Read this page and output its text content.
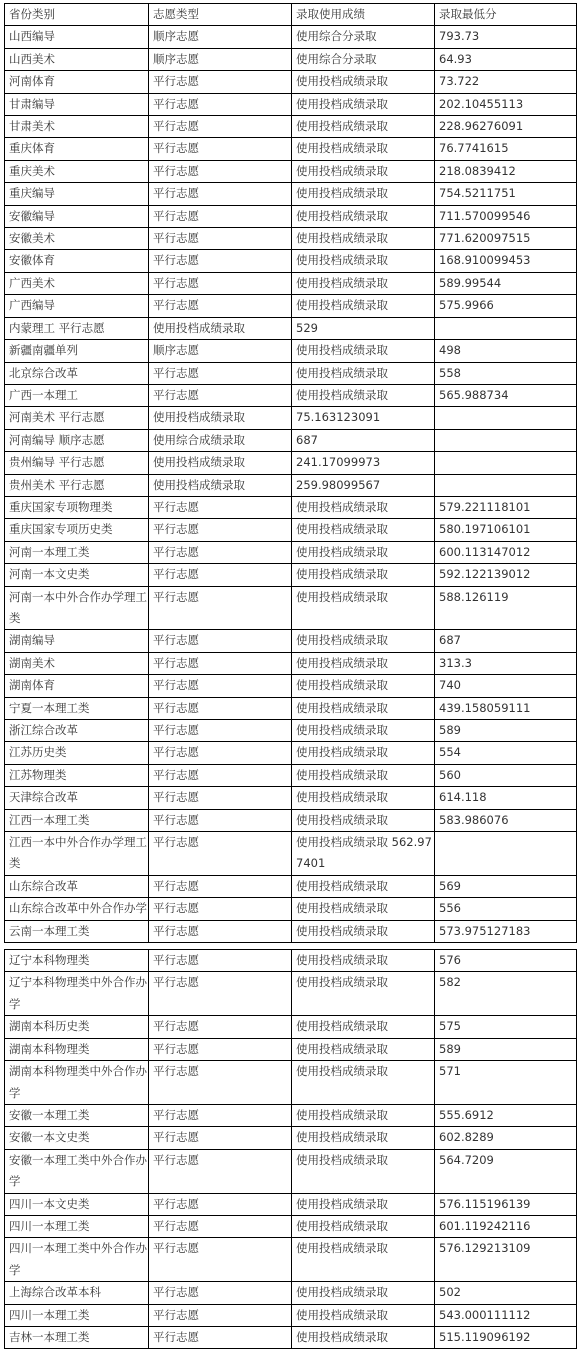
省份类别	志愿类型	录取使用成绩	录取最低分
山西编导	顺序志愿	使用综合分录取	793.73
山西美术	顺序志愿	使用综合分录取	64.93
河南体育	平行志愿	使用投档成绩录取	73.722
甘肃编导	平行志愿	使用投档成绩录取	202.10455113
甘肃美术	平行志愿	使用投档成绩录取	228.96276091
重庆体育	平行志愿	使用投档成绩录取	76.7741615
重庆美术	平行志愿	使用投档成绩录取	218.0839412
重庆编导	平行志愿	使用投档成绩录取	754.5211751
安徽编导	平行志愿	使用投档成绩录取	711.570099546
安徽美术	平行志愿	使用投档成绩录取	771.620097515
安徽体育	平行志愿	使用投档成绩录取	168.910099453
广西美术	平行志愿	使用投档成绩录取	589.99544
广西编导	平行志愿	使用投档成绩录取	575.9966
内蒙理工 平行志愿	使用投档成绩录取	529	
新疆南疆单列	顺序志愿	使用投档成绩录取	498
北京综合改革	平行志愿	使用投档成绩录取	558
广西一本理工	平行志愿	使用投档成绩录取	565.988734
河南美术 平行志愿	使用投档成绩录取	75.163123091	
河南编导 顺序志愿	使用综合成绩录取	687	
贵州编导 平行志愿	使用投档成绩录取	241.17099973	
贵州美术 平行志愿	使用投档成绩录取	259.98099567	
重庆国家专项物理类	平行志愿	使用投档成绩录取	579.221118101
重庆国家专项历史类	平行志愿	使用投档成绩录取	580.197106101
河南一本理工类	平行志愿	使用投档成绩录取	600.113147012
河南一本文史类	平行志愿	使用投档成绩录取	592.122139012
河南一本中外合作办学理工类	平行志愿	使用投档成绩录取	588.126119
湖南编导	平行志愿	使用投档成绩录取	687
湖南美术	平行志愿	使用投档成绩录取	313.3
湖南体育	平行志愿	使用投档成绩录取	740
宁夏一本理工类	平行志愿	使用投档成绩录取	439.158059111
浙江综合改革	平行志愿	使用投档成绩录取	589
江苏历史类	平行志愿	使用投档成绩录取	554
江苏物理类	平行志愿	使用投档成绩录取	560
天津综合改革	平行志愿	使用投档成绩录取	614.118
江西一本理工类	平行志愿	使用投档成绩录取	583.986076
江西一本中外合作办学理工类	平行志愿	使用投档成绩录取 562.977401	
山东综合改革	平行志愿	使用投档成绩录取	569
山东综合改革中外合作办学	平行志愿	使用投档成绩录取	556
云南一本理工类	平行志愿	使用投档成绩录取	573.975127183
辽宁本科物理类	平行志愿	使用投档成绩录取	576
辽宁本科物理类中外合作办学	平行志愿	使用投档成绩录取	582
湖南本科历史类	平行志愿	使用投档成绩录取	575
湖南本科物理类	平行志愿	使用投档成绩录取	589
湖南本科物理类中外合作办学	平行志愿	使用投档成绩录取	571
安徽一本理工类	平行志愿	使用投档成绩录取	555.6912
安徽一本文史类	平行志愿	使用投档成绩录取	602.8289
安徽一本理工类中外合作办学	平行志愿	使用投档成绩录取	564.7209
四川一本文史类	平行志愿	使用投档成绩录取	576.115196139
四川一本理工类	平行志愿	使用投档成绩录取	601.119242116
四川一本理工类中外合作办学	平行志愿	使用投档成绩录取	576.129213109
上海综合改革本科	平行志愿	使用投档成绩录取	502
四川一本理工类	平行志愿	使用投档成绩录取	543.000111112
吉林一本理工类	平行志愿	使用投档成绩录取	515.119096192
